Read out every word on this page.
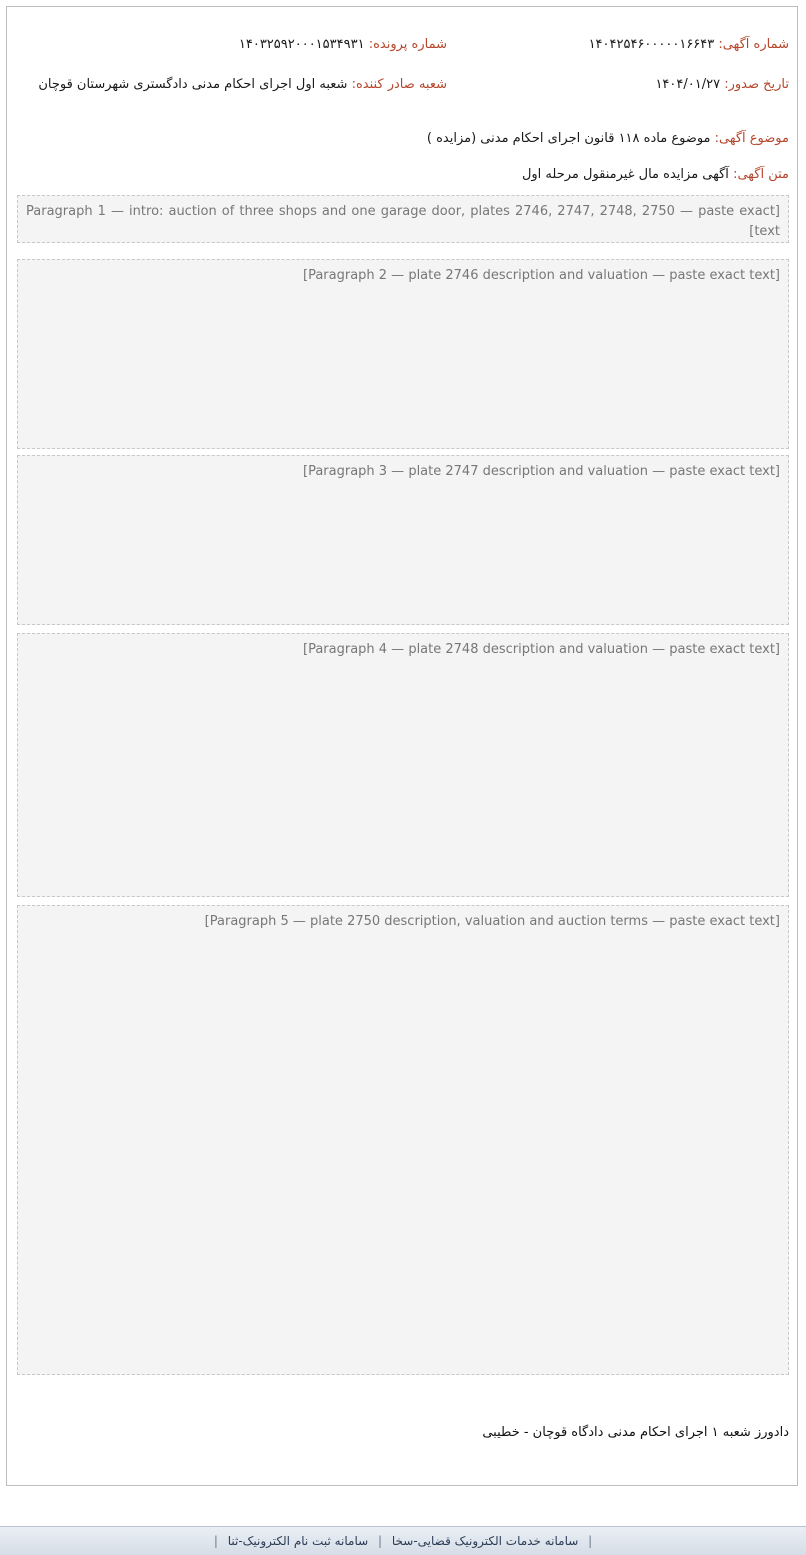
شماره آگهی: ۱۴۰۴۲۵۴۶۰۰۰۰۰۱۶۶۴۳
شماره پرونده: ۱۴۰۳۲۵۹۲۰۰۰۱۵۳۴۹۳۱
تاریخ صدور: ۱۴۰۴/۰۱/۲۷
شعبه صادر کننده: شعبه اول اجرای احکام مدنی دادگستری شهرستان قوچان
موضوع آگهی: موضوع ماده ۱۱۸ قانون اجرای احکام مدنی (مزایده )
متن آگهی: آگهی مزایده مال غیرمنقول مرحله اول
[Paragraph 1 — intro: auction of three shops and one garage door, plates 2746, 2747, 2748, 2750 — paste exact text]
[Paragraph 2 — plate 2746 description and valuation — paste exact text]
[Paragraph 3 — plate 2747 description and valuation — paste exact text]
[Paragraph 4 — plate 2748 description and valuation — paste exact text]
[Paragraph 5 — plate 2750 description, valuation and auction terms — paste exact text]
دادورز شعبه ۱ اجرای احکام مدنی دادگاه قوچان - خطیبی
| سامانه خدمات الکترونیک قضایی-سخا | سامانه ثبت نام الکترونیک-ثنا |
